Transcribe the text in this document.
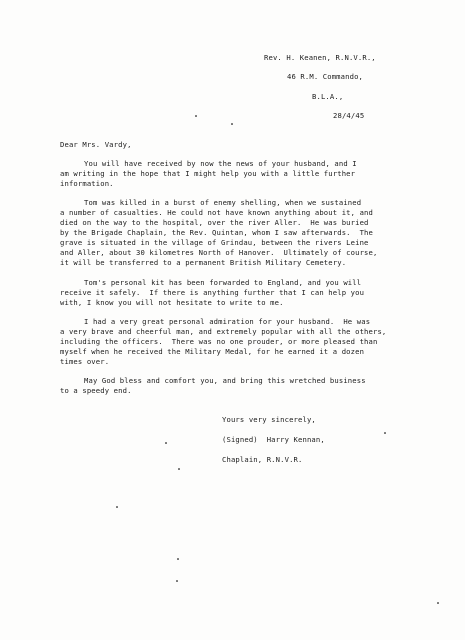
Rev. H. Keanen, R.N.V.R.,
46 R.M. Commando,
B.L.A.,
28/4/45
Dear Mrs. Vardy,
You will have received by now the news of your husband, and I
am writing in the hope that I might help you with a little further
information.
Tom was killed in a burst of enemy shelling, when we sustained
a number of casualties. He could not have known anything about it, and
died on the way to the hospital, over the river Aller.  He was buried
by the Brigade Chaplain, the Rev. Quintan, whom I saw afterwards.  The
grave is situated in the village of Grindau, between the rivers Leine
and Aller, about 30 kilometres North of Hanover.  Ultimately of course,
it will be transferred to a permanent British Military Cemetery.
Tom's personal kit has been forwarded to England, and you will
receive it safely.  If there is anything further that I can help you
with, I know you will not hesitate to write to me.
I had a very great personal admiration for your husband.  He was
a very brave and cheerful man, and extremely popular with all the others,
including the officers.  There was no one prouder, or more pleased than
myself when he received the Military Medal, for he earned it a dozen
times over.
May God bless and comfort you, and bring this wretched business
to a speedy end.
Yours very sincerely,
(Signed)  Harry Kennan,
Chaplain, R.N.V.R.
